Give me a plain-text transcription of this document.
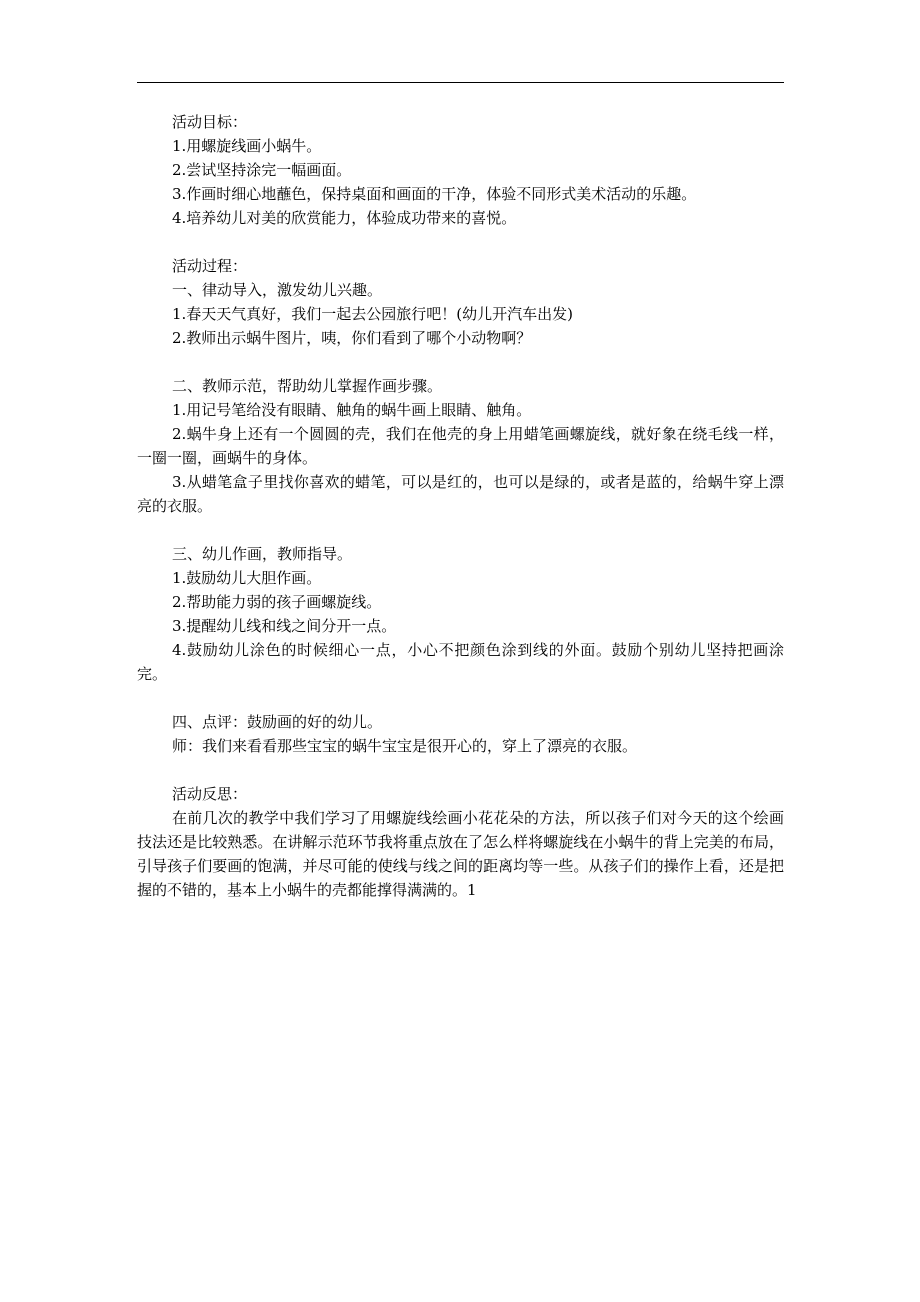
活动目标：

1.用螺旋线画小蜗牛。

2.尝试坚持涂完一幅画面。

3.作画时细心地蘸色，保持桌面和画面的干净，体验不同形式美术活动的乐趣。

4.培养幼儿对美的欣赏能力，体验成功带来的喜悦。

活动过程：

一、律动导入，激发幼儿兴趣。

1.春天天气真好，我们一起去公园旅行吧！(幼儿开汽车出发)

2.教师出示蜗牛图片，咦，你们看到了哪个小动物啊？

二、教师示范，帮助幼儿掌握作画步骤。

1.用记号笔给没有眼睛、触角的蜗牛画上眼睛、触角。

2.蜗牛身上还有一个圆圆的壳，我们在他壳的身上用蜡笔画螺旋线，就好象在绕毛线一样，一圈一圈，画蜗牛的身体。

3.从蜡笔盒子里找你喜欢的蜡笔，可以是红的，也可以是绿的，或者是蓝的，给蜗牛穿上漂亮的衣服。

三、幼儿作画，教师指导。

1.鼓励幼儿大胆作画。

2.帮助能力弱的孩子画螺旋线。

3.提醒幼儿线和线之间分开一点。

4.鼓励幼儿涂色的时候细心一点，小心不把颜色涂到线的外面。鼓励个别幼儿坚持把画涂完。

四、点评：鼓励画的好的幼儿。

师：我们来看看那些宝宝的蜗牛宝宝是很开心的，穿上了漂亮的衣服。

活动反思：

在前几次的教学中我们学习了用螺旋线绘画小花花朵的方法，所以孩子们对今天的这个绘画技法还是比较熟悉。在讲解示范环节我将重点放在了怎么样将螺旋线在小蜗牛的背上完美的布局，引导孩子们要画的饱满，并尽可能的使线与线之间的距离均等一些。从孩子们的操作上看，还是把握的不错的，基本上小蜗牛的壳都能撑得满满的。1
